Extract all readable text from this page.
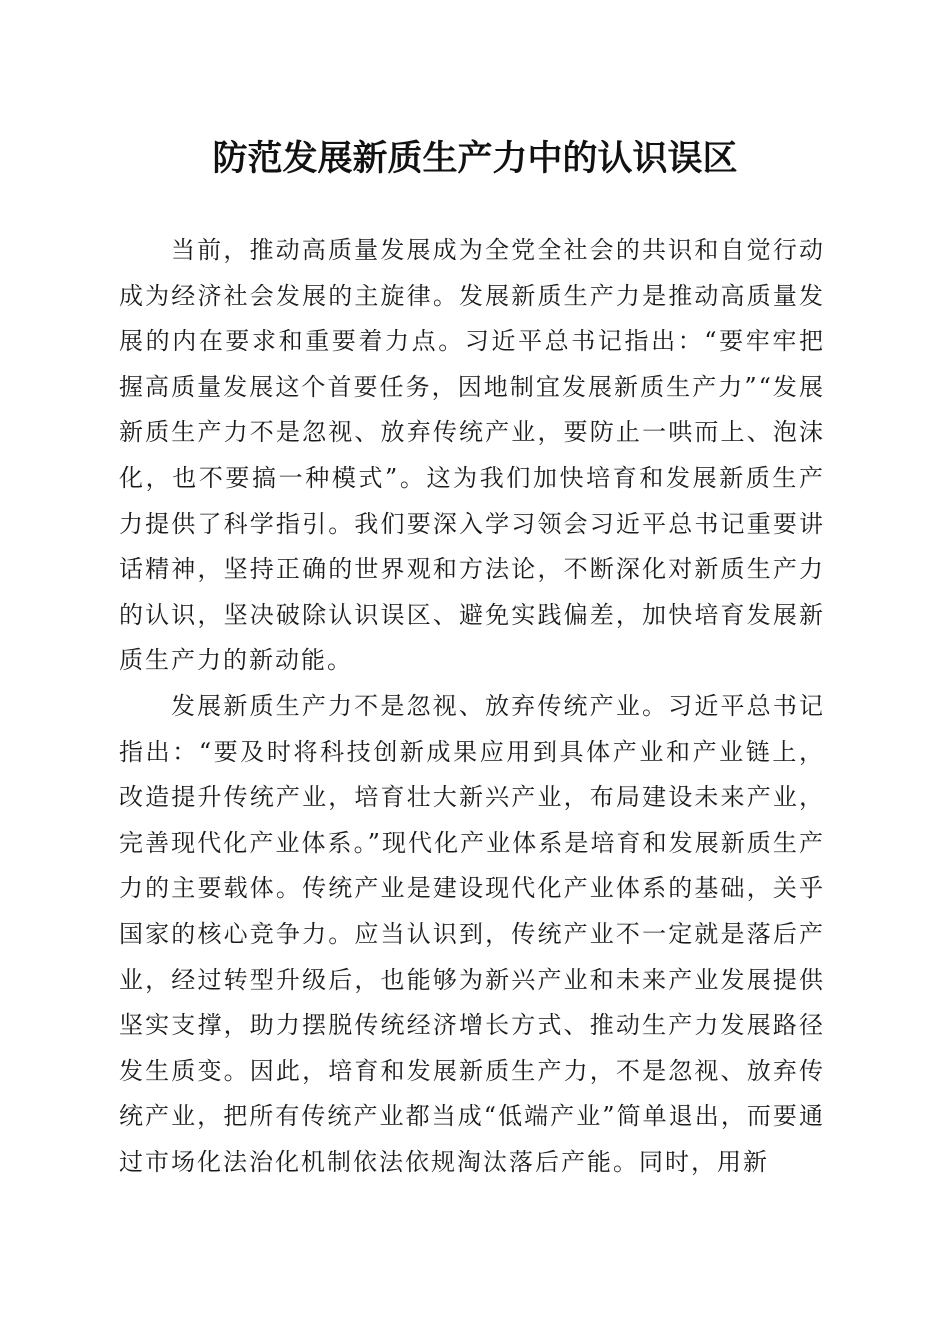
防范发展新质生产力中的认识误区

当前，推动高质量发展成为全党全社会的共识和自觉行动成为经济社会发展的主旋律。发展新质生产力是推动高质量发展的内在要求和重要着力点。习近平总书记指出：“要牢牢把握高质量发展这个首要任务，因地制宜发展新质生产力”“发展新质生产力不是忽视、放弃传统产业，要防止一哄而上、泡沫化，也不要搞一种模式”。这为我们加快培育和发展新质生产力提供了科学指引。我们要深入学习领会习近平总书记重要讲话精神，坚持正确的世界观和方法论，不断深化对新质生产力的认识，坚决破除认识误区、避免实践偏差，加快培育发展新质生产力的新动能。

发展新质生产力不是忽视、放弃传统产业。习近平总书记指出：“要及时将科技创新成果应用到具体产业和产业链上，改造提升传统产业，培育壮大新兴产业，布局建设未来产业，完善现代化产业体系。”现代化产业体系是培育和发展新质生产力的主要载体。传统产业是建设现代化产业体系的基础，关乎国家的核心竞争力。应当认识到，传统产业不一定就是落后产业，经过转型升级后，也能够为新兴产业和未来产业发展提供坚实支撑，助力摆脱传统经济增长方式、推动生产力发展路径发生质变。因此，培育和发展新质生产力，不是忽视、放弃传统产业，把所有传统产业都当成“低端产业”简单退出，而要通过市场化法治化机制依法依规淘汰落后产能。同时，用新
